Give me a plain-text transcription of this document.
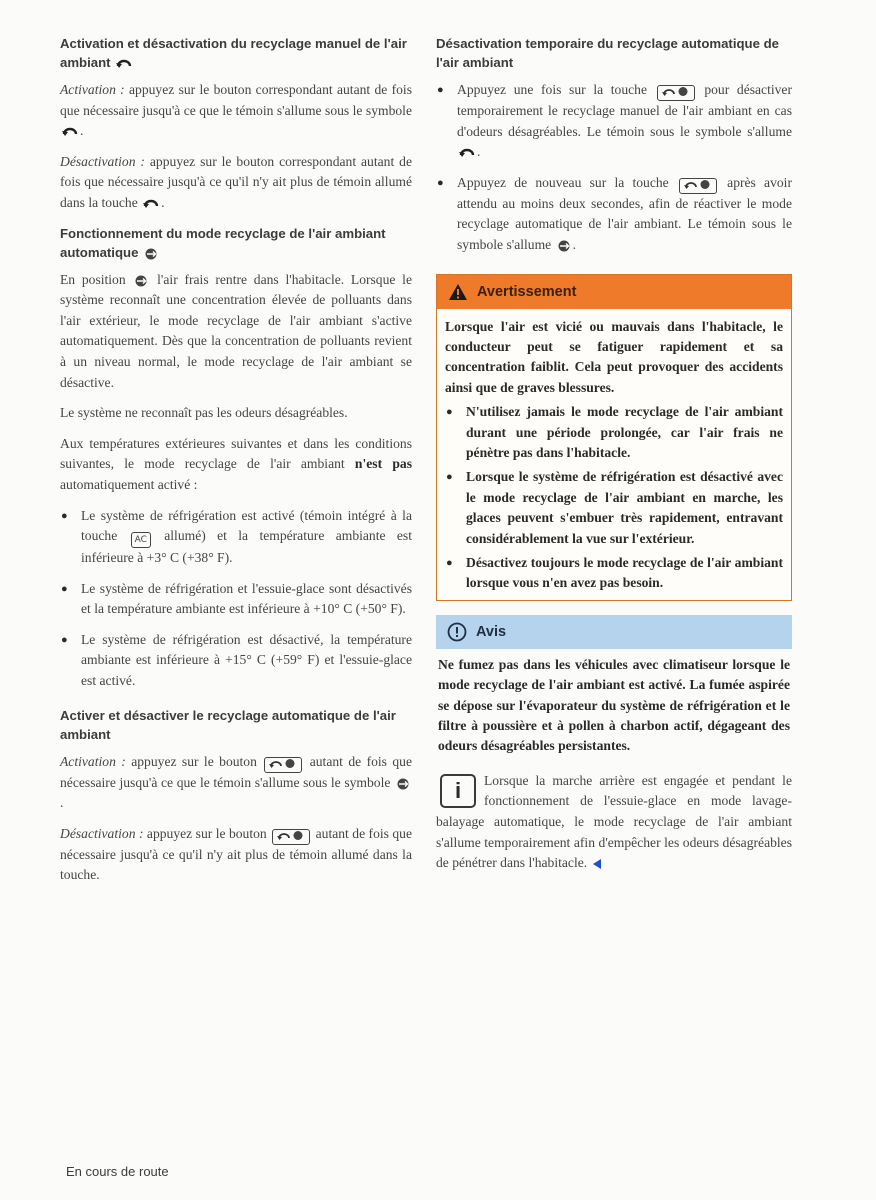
Activation et désactivation du recyclage manuel de l'air ambiant

Activation : appuyez sur le bouton correspondant autant de fois que nécessaire jusqu'à ce que le témoin s'allume sous le symbole
.

Désactivation : appuyez sur le bouton correspondant autant de fois que nécessaire jusqu'à ce qu'il n'y ait plus de témoin allumé dans la touche
.

Fonctionnement du mode recyclage de l'air ambiant automatique

En position
l'air frais rentre dans l'habitacle. Lorsque le système reconnaît une concentration élevée de polluants dans l'air extérieur, le mode recyclage de l'air ambiant s'active automatiquement. Dès que la concentration de polluants revient à un niveau normal, le mode recyclage de l'air ambiant se désactive.

Le système ne reconnaît pas les odeurs désagréables.

Aux températures extérieures suivantes et dans les conditions suivantes, le mode recyclage de l'air ambiant n'est pas automatiquement activé :

● Le système de réfrigération est activé (témoin intégré à la touche AC allumé) et la température ambiante est inférieure à +3° C (+38° F).

● Le système de réfrigération et l'essuie-glace sont désactivés et la température ambiante est inférieure à +10° C (+50° F).

● Le système de réfrigération est désactivé, la température ambiante est inférieure à +15° C (+59° F) et l'essuie-glace est activé.

Activer et désactiver le recyclage automatique de l'air ambiant

Activation : appuyez sur le bouton	autant de fois que nécessaire jusqu'à ce que le témoin s'allume sous le symbole
.

Désactivation : appuyez sur le bouton	autant de fois que nécessaire jusqu'à ce qu'il n'y ait plus de témoin allumé dans la touche.

Désactivation temporaire du recyclage automatique de l'air ambiant
● Appuyez une fois sur la touche	pour désactiver temporairement le recyclage manuel de l'air ambiant en cas d'odeurs désagréables. Le témoin sous le symbole s'allume
.

● Appuyez de nouveau sur la touche	après avoir attendu au moins deux secondes, afin de réactiver le mode recyclage automatique de l'air ambiant. Le témoin sous le symbole s'allume
.

Avertissement

Lorsque l'air est vicié ou mauvais dans l'habitacle, le conducteur peut se fatiguer rapidement et sa concentration faiblit. Cela peut provoquer des accidents ainsi que de graves blessures.

● N'utilisez jamais le mode recyclage de l'air ambiant durant une période prolongée, car l'air frais ne pénètre pas dans l'habitacle.

● Lorsque le système de réfrigération est désactivé avec le mode recyclage de l'air ambiant en marche, les glaces peuvent s'embuer très rapidement, entravant considérablement la vue sur l'extérieur.

● Désactivez toujours le mode recyclage de l'air ambiant lorsque vous n'en avez pas besoin.

Avis

Ne fumez pas dans les véhicules avec climatiseur lorsque le mode recyclage de l'air ambiant est activé. La fumée aspirée se dépose sur l'évaporateur du système de réfrigération et le filtre à poussière et à pollen à charbon actif, dégageant des odeurs désagréables persistantes.

i	Lorsque la marche arrière est engagée et pendant le fonctionnement de l'essuie-glace en mode lavage-balayage automatique, le mode recyclage de l'air ambiant s'allume temporairement afin d'empêcher les odeurs désagréables de pénétrer dans l'habitacle.

En cours de route
